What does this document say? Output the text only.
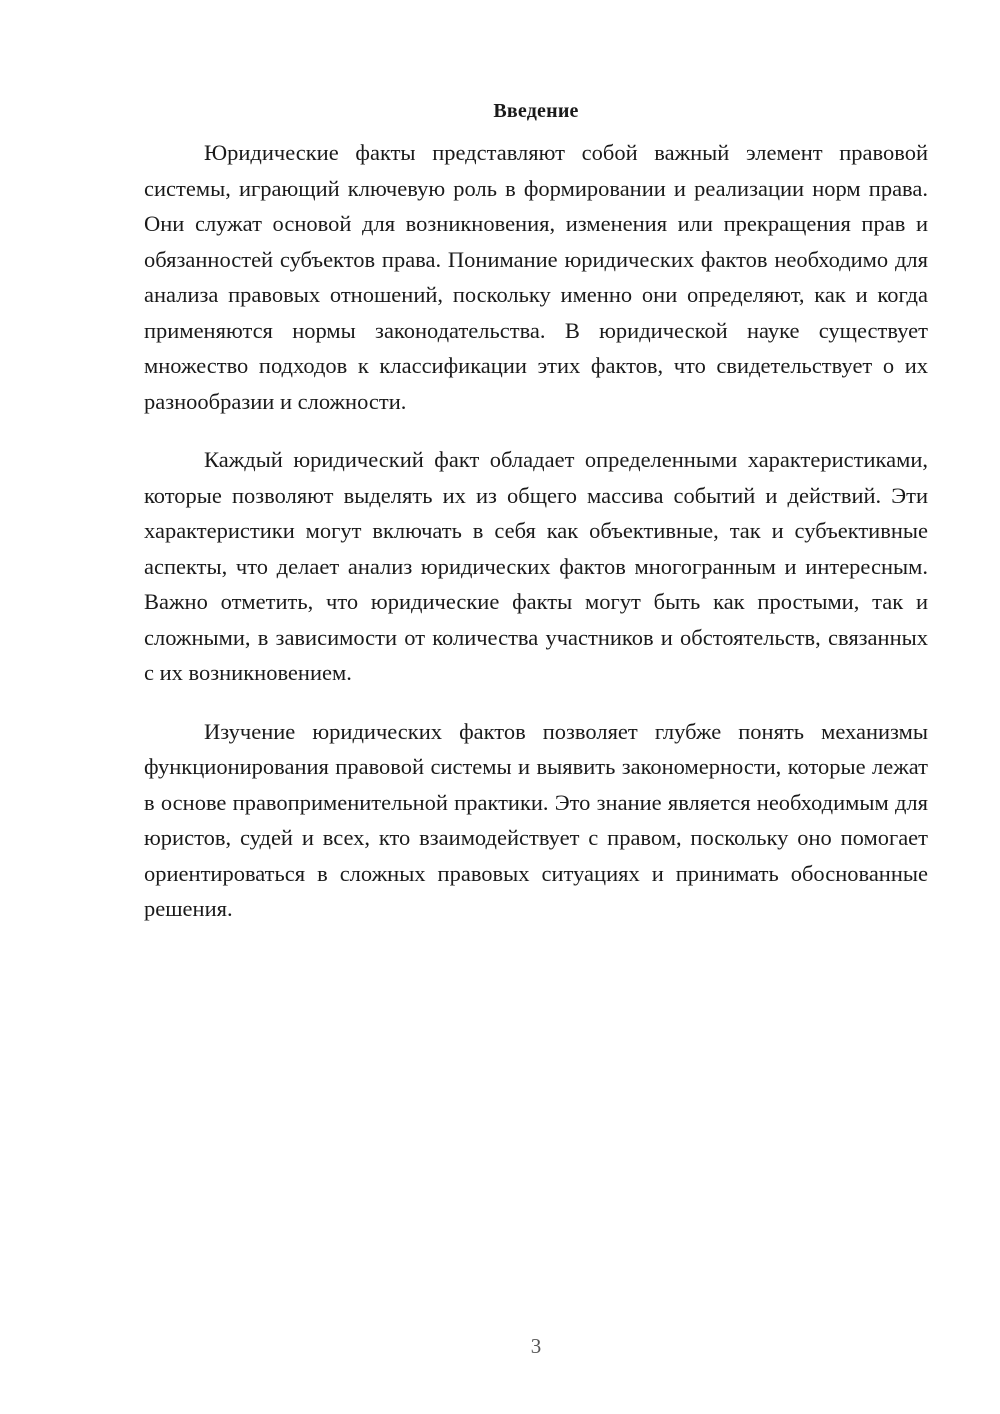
Введение

Юридические факты представляют собой важный элемент правовой системы, играющий ключевую роль в формировании и реализации норм права. Они служат основой для возникновения, изменения или прекращения прав и обязанностей субъектов права. Понимание юридических фактов необходимо для анализа правовых отношений, поскольку именно они определяют, как и когда применяются нормы законодательства. В юридической науке существует множество подходов к классификации этих фактов, что свидетельствует о их разнообразии и сложности.

Каждый юридический факт обладает определенными характеристиками, которые позволяют выделять их из общего массива событий и действий. Эти характеристики могут включать в себя как объективные, так и субъективные аспекты, что делает анализ юридических фактов многогранным и интересным. Важно отметить, что юридические факты могут быть как простыми, так и сложными, в зависимости от количества участников и обстоятельств, связанных с их возникновением.

Изучение юридических фактов позволяет глубже понять механизмы функционирования правовой системы и выявить закономерности, которые лежат в основе правоприменительной практики. Это знание является необходимым для юристов, судей и всех, кто взаимодействует с правом, поскольку оно помогает ориентироваться в сложных правовых ситуациях и принимать обоснованные решения.

3
